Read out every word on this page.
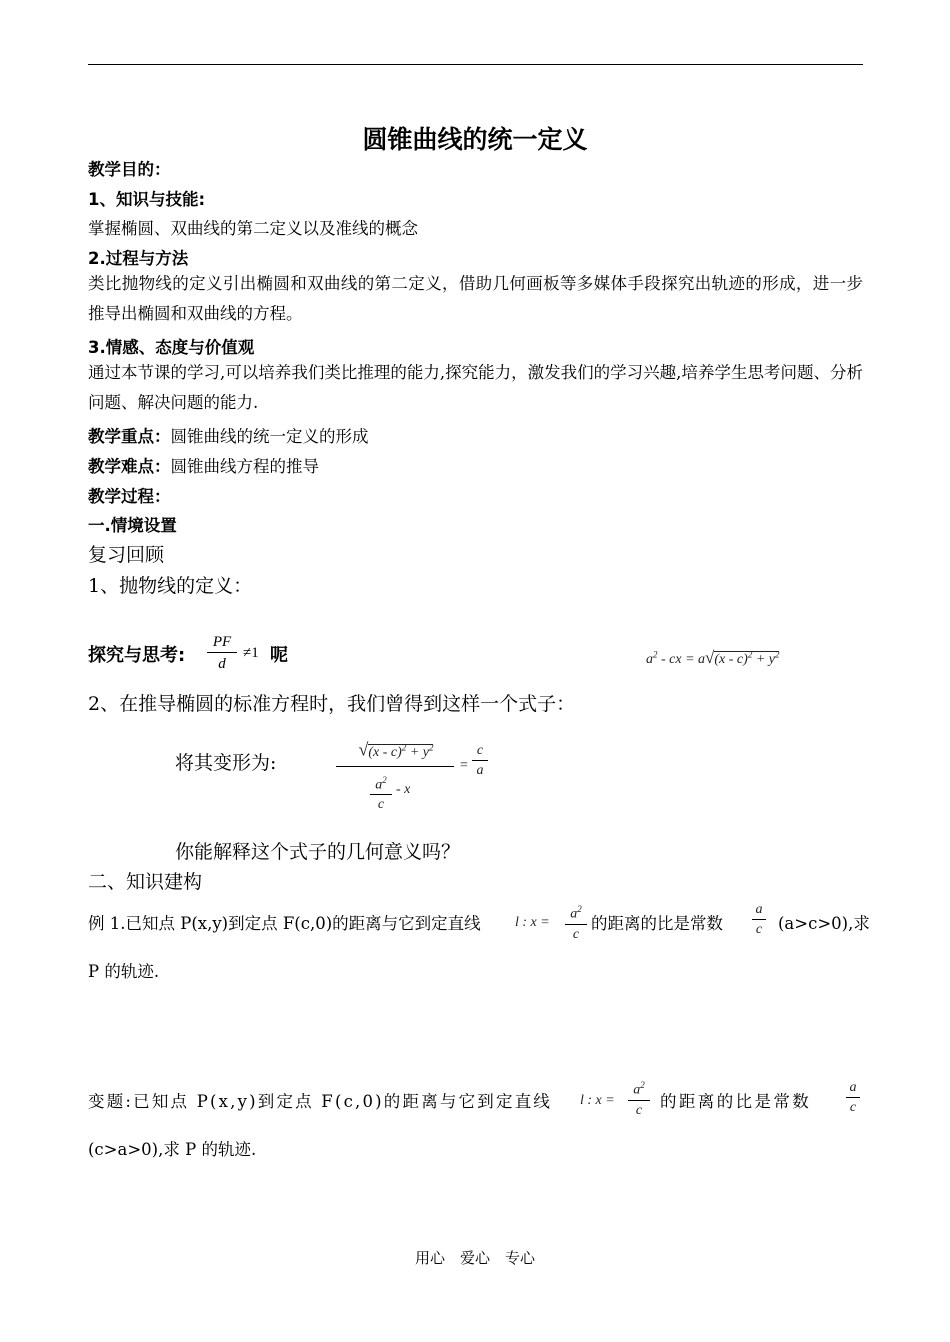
圆锥曲线的统一定义
教学目的：
1、知识与技能:
掌握椭圆、双曲线的第二定义以及准线的概念
2.过程与方法
类比抛物线的定义引出椭圆和双曲线的第二定义，借助几何画板等多媒体手段探究出轨迹的形成，进一步推导出椭圆和双曲线的方程。
3.情感、态度与价值观
通过本节课的学习,可以培养我们类比推理的能力,探究能力，激发我们的学习兴趣,培养学生思考问题、分析问题、解决问题的能力.
教学重点：圆锥曲线的统一定义的形成
教学难点：圆锥曲线方程的推导
教学过程：
一.情境设置
复习回顾
1、抛物线的定义：
探究与思考:
PF
d
≠1 呢	$a^2$ - cx = $a√(x - c)^2 + y^2$
2、在推导椭圆的标准方程时，我们曾得到这样一个式子：
将其变形为:
$√(x - c)^2 + y^2$
$a^2$
c
- x
=
c
a
你能解释这个式子的几何意义吗？
二、知识建构
例 1.已知点 P(x,y)到定点 F(c,0)的距离与它到定直线 l : x =
$a^2$
c
的距离的比是常数
a
c (a>c>0),求
P 的轨迹.
变题:已知点 P(x,y)到定点 F(c,0)的距离与它到定直线 l : x =
$a^2$
c	的距离的比是常数
a
c
(c>a>0),求 P 的轨迹.
用心　爱心　专心
